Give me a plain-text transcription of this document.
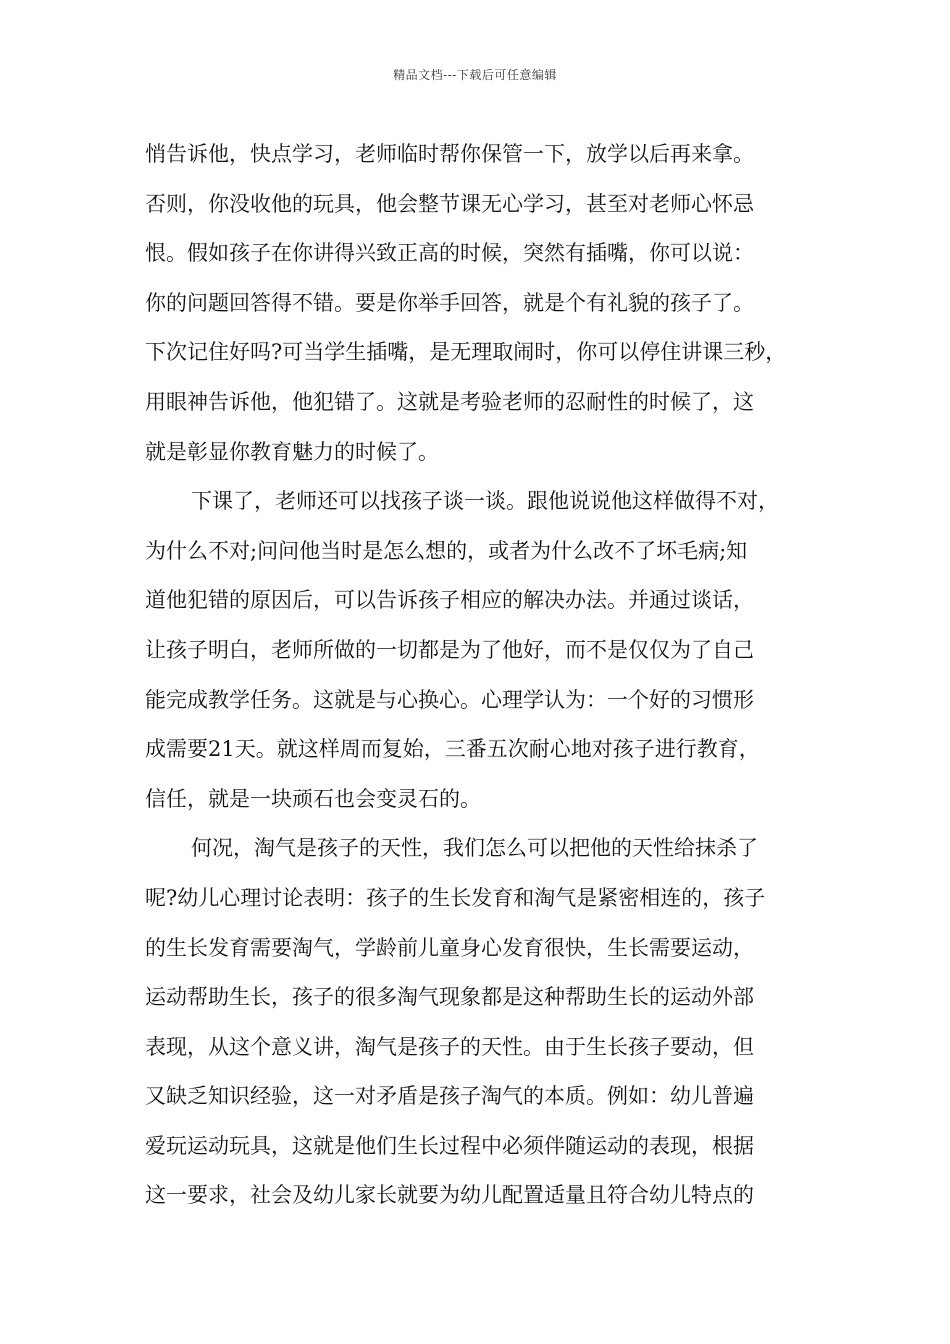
精品文档---下载后可任意编辑
悄告诉他，快点学习，老师临时帮你保管一下，放学以后再来拿。
否则，你没收他的玩具，他会整节课无心学习，甚至对老师心怀忌
恨。假如孩子在你讲得兴致正高的时候，突然有插嘴，你可以说：
你的问题回答得不错。要是你举手回答，就是个有礼貌的孩子了。
下次记住好吗?可当学生插嘴，是无理取闹时，你可以停住讲课三秒，
用眼神告诉他，他犯错了。这就是考验老师的忍耐性的时候了，这
就是彰显你教育魅力的时候了。
下课了，老师还可以找孩子谈一谈。跟他说说他这样做得不对，
为什么不对;问问他当时是怎么想的，或者为什么改不了坏毛病;知
道他犯错的原因后，可以告诉孩子相应的解决办法。并通过谈话，
让孩子明白，老师所做的一切都是为了他好，而不是仅仅为了自己
能完成教学任务。这就是与心换心。心理学认为：一个好的习惯形
成需要21天。就这样周而复始，三番五次耐心地对孩子进行教育，
信任，就是一块顽石也会变灵石的。
何况，淘气是孩子的天性，我们怎么可以把他的天性给抹杀了
呢?幼儿心理讨论表明：孩子的生长发育和淘气是紧密相连的，孩子
的生长发育需要淘气，学龄前儿童身心发育很快，生长需要运动，
运动帮助生长，孩子的很多淘气现象都是这种帮助生长的运动外部
表现，从这个意义讲，淘气是孩子的天性。由于生长孩子要动，但
又缺乏知识经验，这一对矛盾是孩子淘气的本质。例如：幼儿普遍
爱玩运动玩具，这就是他们生长过程中必须伴随运动的表现，根据
这一要求，社会及幼儿家长就要为幼儿配置适量且符合幼儿特点的
